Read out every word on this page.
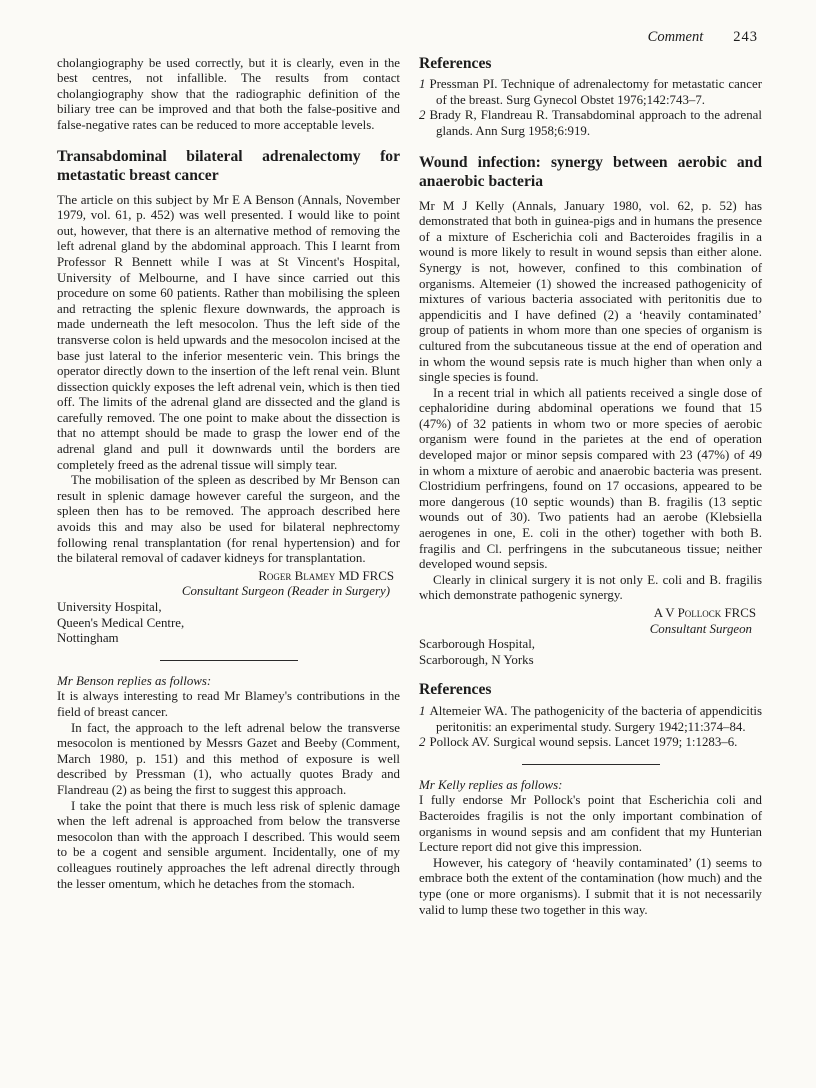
Comment 243

cholangiography be used correctly, but it is clearly, even in the best centres, not infallible. The results from contact cholangiography show that the radiographic definition of the biliary tree can be improved and that both the false-positive and false-negative rates can be reduced to more acceptable levels.

Transabdominal bilateral adrenalectomy for metastatic breast cancer

The article on this subject by Mr E A Benson (Annals, November 1979, vol. 61, p. 452) was well presented. I would like to point out, however, that there is an alternative method of removing the left adrenal gland by the abdominal approach. This I learnt from Professor R Bennett while I was at St Vincent's Hospital, University of Melbourne, and I have since carried out this procedure on some 60 patients. Rather than mobilising the spleen and retracting the splenic flexure downwards, the approach is made underneath the left mesocolon. Thus the left side of the transverse colon is held upwards and the mesocolon incised at the base just lateral to the inferior mesenteric vein. This brings the operator directly down to the insertion of the left renal vein. Blunt dissection quickly exposes the left adrenal vein, which is then tied off. The limits of the adrenal gland are dissected and the gland is carefully removed. The one point to make about the dissection is that no attempt should be made to grasp the lower end of the adrenal gland and pull it downwards until the borders are completely freed as the adrenal tissue will simply tear.

The mobilisation of the spleen as described by Mr Benson can result in splenic damage however careful the surgeon, and the spleen then has to be removed. The approach described here avoids this and may also be used for bilateral nephrectomy following renal transplantation (for renal hypertension) and for the bilateral removal of cadaver kidneys for transplantation.

Roger Blamey MD FRCS
Consultant Surgeon (Reader in Surgery)
University Hospital,
Queen's Medical Centre,
Nottingham

Mr Benson replies as follows:

It is always interesting to read Mr Blamey's contributions in the field of breast cancer.

In fact, the approach to the left adrenal below the transverse mesocolon is mentioned by Messrs Gazet and Beeby (Comment, March 1980, p. 151) and this method of exposure is well described by Pressman (1), who actually quotes Brady and Flandreau (2) as being the first to suggest this approach.

I take the point that there is much less risk of splenic damage when the left adrenal is approached from below the transverse mesocolon than with the approach I described. This would seem to be a cogent and sensible argument. Incidentally, one of my colleagues routinely approaches the left adrenal directly through the lesser omentum, which he detaches from the stomach.

References

1 Pressman PI. Technique of adrenalectomy for metastatic cancer of the breast. Surg Gynecol Obstet 1976;142:743–7.

2 Brady R, Flandreau R. Transabdominal approach to the adrenal glands. Ann Surg 1958;6:919.

Wound infection: synergy between aerobic and anaerobic bacteria

Mr M J Kelly (Annals, January 1980, vol. 62, p. 52) has demonstrated that both in guinea-pigs and in humans the presence of a mixture of Escherichia coli and Bacteroides fragilis in a wound is more likely to result in wound sepsis than either alone. Synergy is not, however, confined to this combination of organisms. Altemeier (1) showed the increased pathogenicity of mixtures of various bacteria associated with peritonitis due to appendicitis and I have defined (2) a ‘heavily contaminated’ group of patients in whom more than one species of organism is cultured from the subcutaneous tissue at the end of operation and in whom the wound sepsis rate is much higher than when only a single species is found.

In a recent trial in which all patients received a single dose of cephaloridine during abdominal operations we found that 15 (47%) of 32 patients in whom two or more species of aerobic organism were found in the parietes at the end of operation developed major or minor sepsis compared with 23 (47%) of 49 in whom a mixture of aerobic and anaerobic bacteria was present. Clostridium perfringens, found on 17 occasions, appeared to be more dangerous (10 septic wounds) than B. fragilis (13 septic wounds out of 30). Two patients had an aerobe (Klebsiella aerogenes in one, E. coli in the other) together with both B. fragilis and Cl. perfringens in the subcutaneous tissue; neither developed wound sepsis.

Clearly in clinical surgery it is not only E. coli and B. fragilis which demonstrate pathogenic synergy.

A V Pollock FRCS
Consultant Surgeon
Scarborough Hospital,
Scarborough, N Yorks
References

1 Altemeier WA. The pathogenicity of the bacteria of appendicitis peritonitis: an experimental study. Surgery 1942;11:374–84.

2 Pollock AV. Surgical wound sepsis. Lancet 1979; 1:1283–6.

Mr Kelly replies as follows:

I fully endorse Mr Pollock's point that Escherichia coli and Bacteroides fragilis is not the only important combination of organisms in wound sepsis and am confident that my Hunterian Lecture report did not give this impression.

However, his category of ‘heavily contaminated’ (1) seems to embrace both the extent of the contamination (how much) and the type (one or more organisms). I submit that it is not necessarily valid to lump these two together in this way.
